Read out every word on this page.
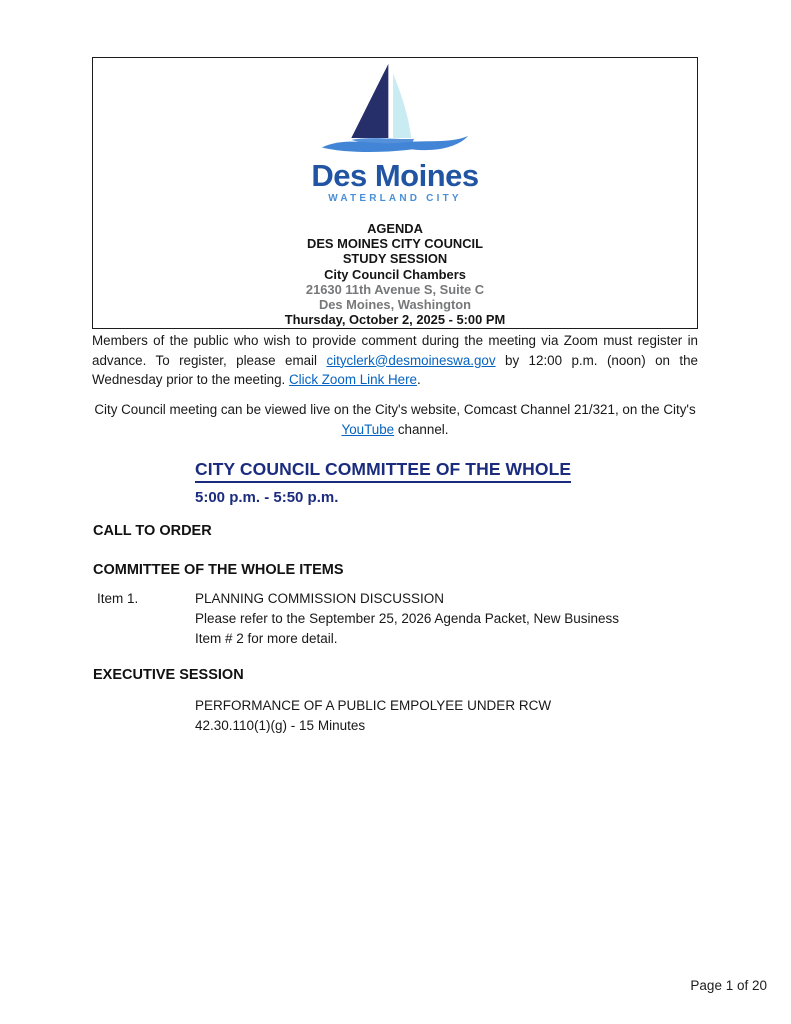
Des Moines
WATERLAND CITY
AGENDA
DES MOINES CITY COUNCIL
STUDY SESSION
City Council Chambers
21630 11th Avenue S, Suite C
Des Moines, Washington
Thursday, October 2, 2025 - 5:00 PM

Members of the public who wish to provide comment during the meeting via Zoom must register in advance. To register, please email cityclerk@desmoineswa.gov by 12:00 p.m. (noon) on the Wednesday prior to the meeting. Click Zoom Link Here.

City Council meeting can be viewed live on the City's website, Comcast Channel 21/321, on the City's YouTube channel.

CITY COUNCIL COMMITTEE OF THE WHOLE
5:00 p.m. - 5:50 p.m.
CALL TO ORDER
COMMITTEE OF THE WHOLE ITEMS
Item 1.	PLANNING COMMISSION DISCUSSION
Please refer to the September 25, 2026 Agenda Packet, New Business
Item # 2 for more detail.
EXECUTIVE SESSION
PERFORMANCE OF A PUBLIC EMPOLYEE UNDER RCW
42.30.110(1)(g) - 15 Minutes
Page 1 of 20
